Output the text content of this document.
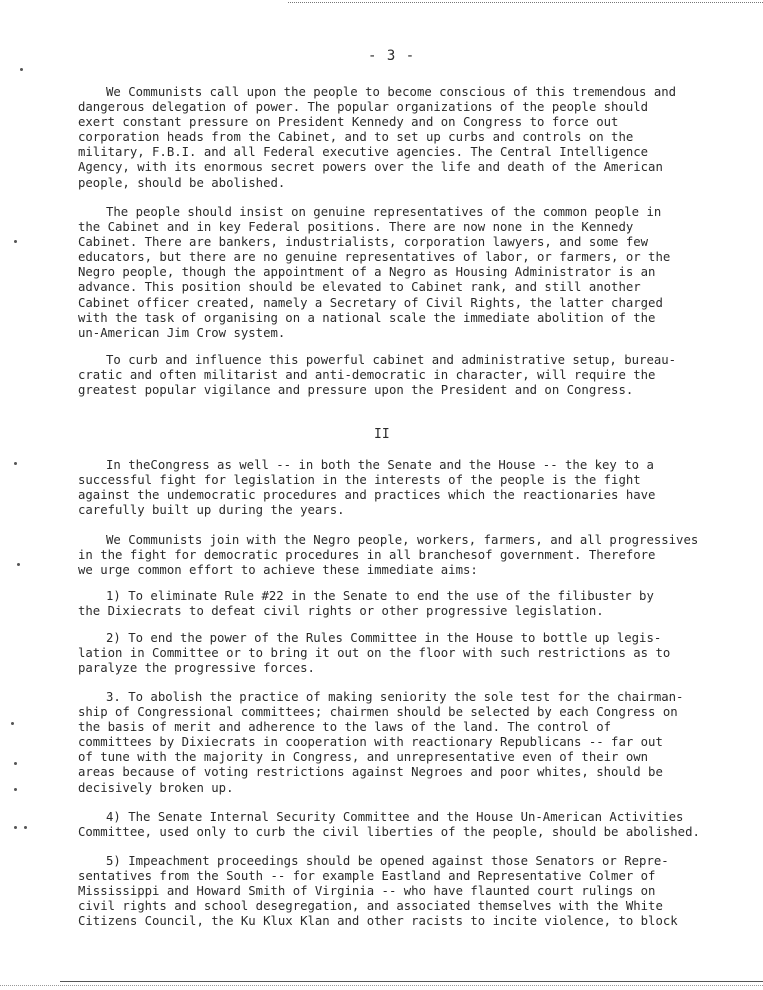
- 3 -
We Communists call upon the people to become conscious of this tremendous and
dangerous delegation of power. The popular organizations of the people should
exert constant pressure on President Kennedy and on Congress to force out
corporation heads from the Cabinet, and to set up curbs and controls on the
military, F.B.I. and all Federal executive agencies. The Central Intelligence
Agency, with its enormous secret powers over the life and death of the American
people, should be abolished.
The people should insist on genuine representatives of the common people in
the Cabinet and in key Federal positions. There are now none in the Kennedy
Cabinet. There are bankers, industrialists, corporation lawyers, and some few
educators, but there are no genuine representatives of labor, or farmers, or the
Negro people, though the appointment of a Negro as Housing Administrator is an
advance. This position should be elevated to Cabinet rank, and still another
Cabinet officer created, namely a Secretary of Civil Rights, the latter charged
with the task of organising on a national scale the immediate abolition of the
un-American Jim Crow system.
To curb and influence this powerful cabinet and administrative setup, bureau-
cratic and often militarist and anti-democratic in character, will require the
greatest popular vigilance and pressure upon the President and on Congress.
II
In theCongress as well -- in both the Senate and the House -- the key to a
successful fight for legislation in the interests of the people is the fight
against the undemocratic procedures and practices which the reactionaries have
carefully built up during the years.
We Communists join with the Negro people, workers, farmers, and all progressives
in the fight for democratic procedures in all branchesof government. Therefore
we urge common effort to achieve these immediate aims:
1) To eliminate Rule #22 in the Senate to end the use of the filibuster by
the Dixiecrats to defeat civil rights or other progressive legislation.
2) To end the power of the Rules Committee in the House to bottle up legis-
lation in Committee or to bring it out on the floor with such restrictions as to
paralyze the progressive forces.
3. To abolish the practice of making seniority the sole test for the chairman-
ship of Congressional committees; chairmen should be selected by each Congress on
the basis of merit and adherence to the laws of the land. The control of
committees by Dixiecrats in cooperation with reactionary Republicans -- far out
of tune with the majority in Congress, and unrepresentative even of their own
areas because of voting restrictions against Negroes and poor whites, should be
decisively broken up.
4) The Senate Internal Security Committee and the House Un-American Activities
Committee, used only to curb the civil liberties of the people, should be abolished.
5) Impeachment proceedings should be opened against those Senators or Repre-
sentatives from the South -- for example Eastland and Representative Colmer of
Mississippi and Howard Smith of Virginia -- who have flaunted court rulings on
civil rights and school desegregation, and associated themselves with the White
Citizens Council, the Ku Klux Klan and other racists to incite violence, to block
